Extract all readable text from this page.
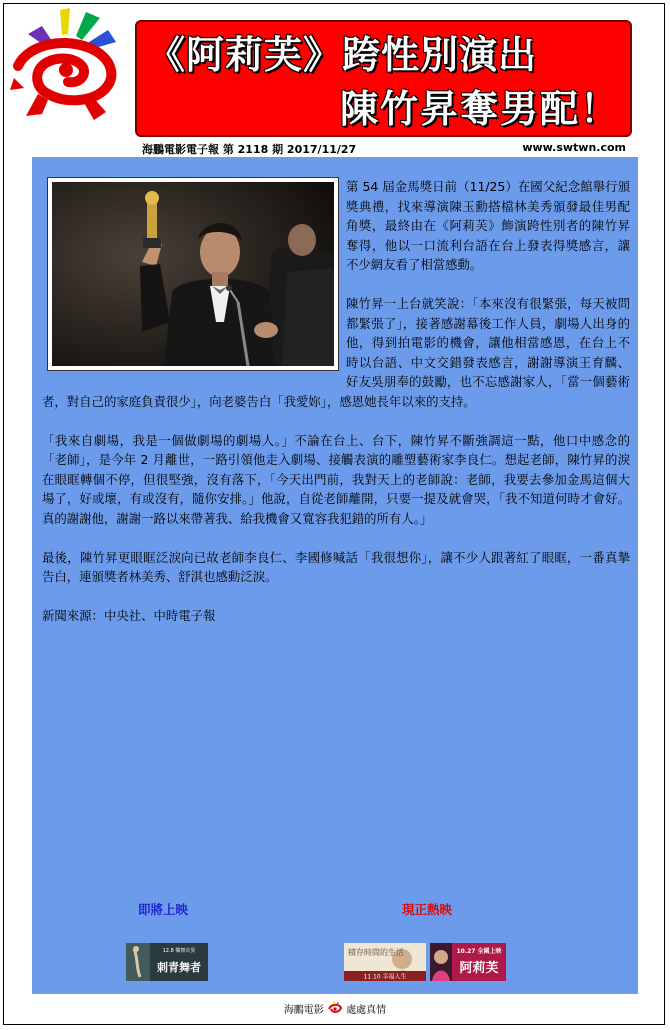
《阿莉芙》跨性別演出
陳竹昇奪男配！
海鵬電影電子報 第 2118 期 2017/11/27	www.swtwn.com

第 54 屆金馬獎日前（11/25）在國父紀念館舉行頒獎典禮，找來導演陳玉勳搭檔林美秀頒發最佳男配角獎，最終由在《阿莉芙》飾演跨性別者的陳竹昇奪得，他以一口流利台語在台上發表得獎感言，讓不少網友看了相當感動。

陳竹昇一上台就笑說：「本來沒有很緊張，每天被問都緊張了」，接著感謝幕後工作人員，劇場人出身的他，得到拍電影的機會，讓他相當感恩，在台上不時以台語、中文交錯發表感言，謝謝導演王育麟、好友吳朋奉的鼓勵，也不忘感謝家人，「當一個藝術者，對自己的家庭負責很少」，向老婆告白「我愛妳」，感恩她長年以來的支持。

「我來自劇場，我是一個做劇場的劇場人。」不論在台上、台下，陳竹昇不斷強調這一點，他口中感念的「老師」，是今年 2 月離世，一路引領他走入劇場、接觸表演的雕塑藝術家李良仁。想起老師，陳竹昇的淚在眼眶轉個不停，但很堅強，沒有落下，「今天出門前，我對天上的老師說：老師，我要去參加金馬這個大場了，好或壞，有或沒有，隨你安排。」他說，自從老師離開，只要一提及就會哭，「我不知道何時才會好。真的謝謝他，謝謝一路以來帶著我、給我機會又寬容我犯錯的所有人。」

最後，陳竹昇更眼眶泛淚向已故老師李良仁、李國修喊話「我很想你」，讓不少人跟著紅了眼眶，一番真摯告白，連頒獎者林美秀、舒淇也感動泛淚。

新聞來源：中央社、中時電子報

即將上映	現正熱映
12.8 樂舞奇異
刺青舞者
積存時間的生活
11.10 幸福人生
10.27 全國上映
阿莉芙
海鵬電影 處處真情
